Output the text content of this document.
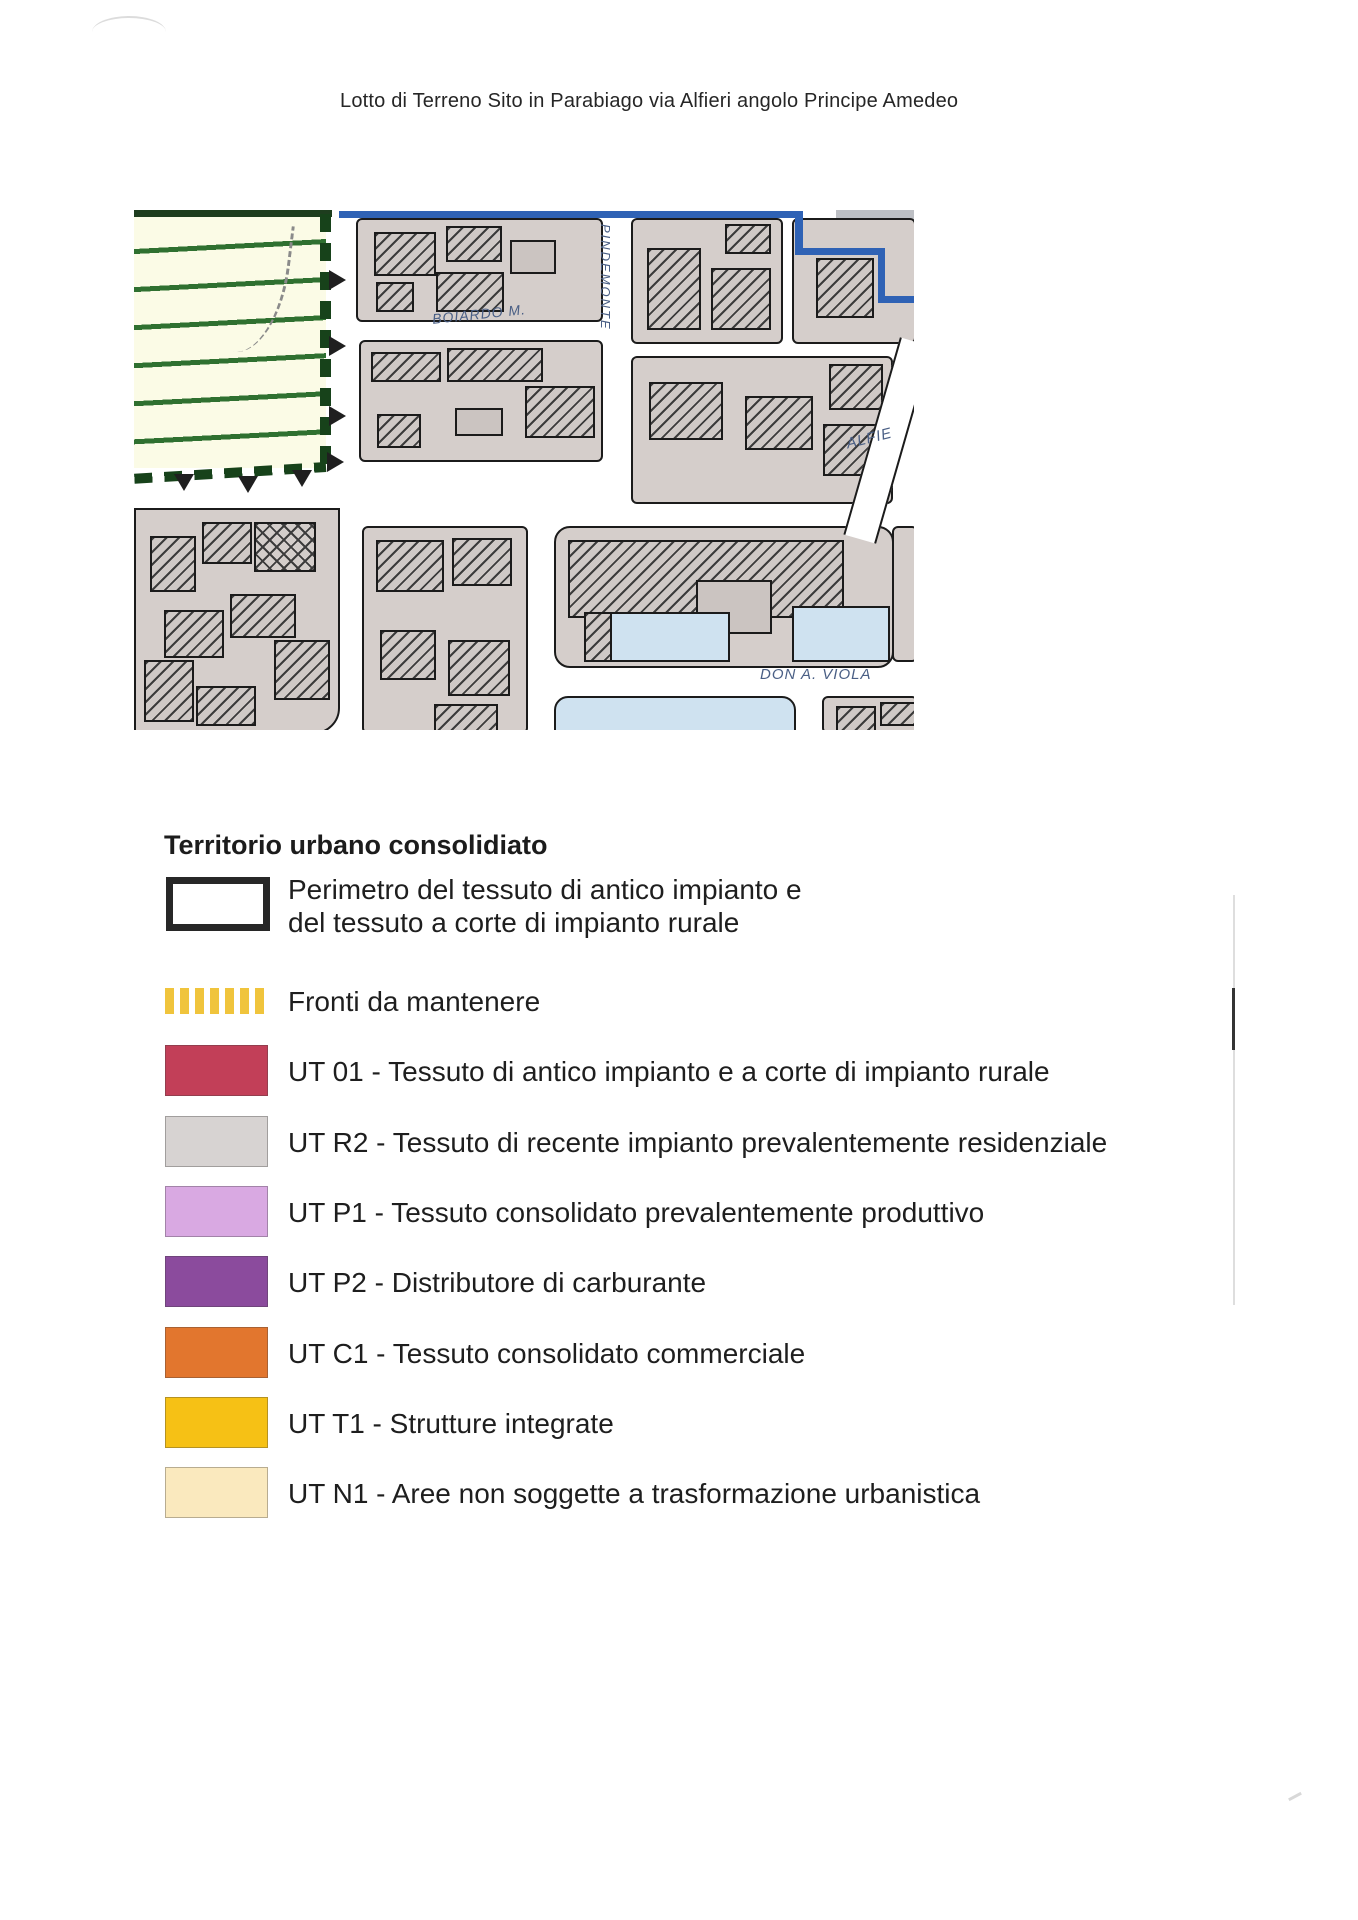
Lotto di Terreno Sito in Parabiago via Alfieri angolo Principe Amedeo
BOIARDO M.	PINDEMONTE
ALFIE
DON A. VIOLA
Territorio urbano consolidiato
Perimetro del tessuto di antico impianto e
del tessuto a corte di impianto rurale
Fronti da mantenere
UT 01 - Tessuto di antico impianto e a corte di impianto rurale
UT R2 - Tessuto di recente impianto prevalentemente residenziale
UT P1 - Tessuto consolidato prevalentemente produttivo
UT P2 - Distributore di carburante
UT C1 - Tessuto consolidato commerciale
UT T1 - Strutture integrate
UT N1 - Aree non soggette a trasformazione urbanistica
